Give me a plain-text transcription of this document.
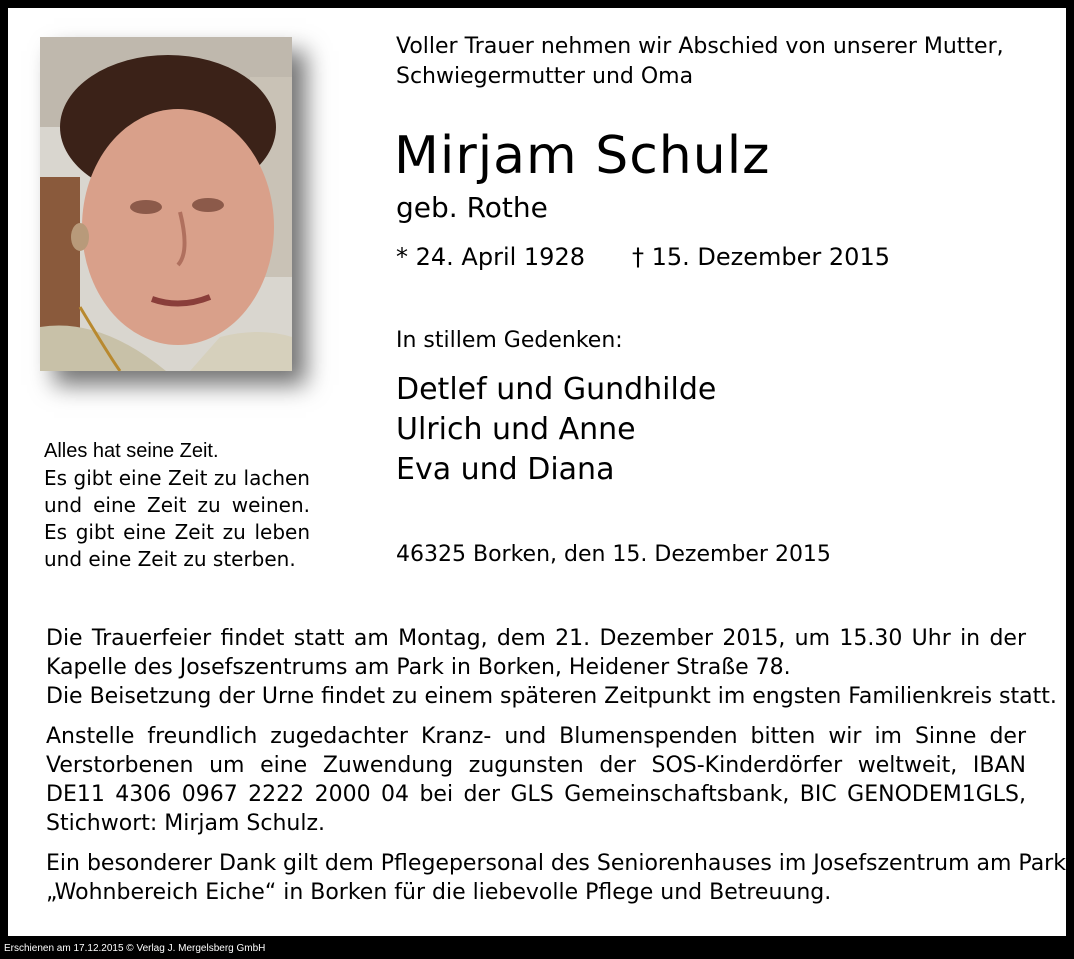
Alles hat seine Zeit.
Es gibt eine Zeit zu lachen
und eine Zeit zu weinen.
Es gibt eine Zeit zu leben
und eine Zeit zu sterben.
Voller Trauer nehmen wir Abschied von unserer Mutter,
Schwiegermutter und Oma
Mirjam Schulz
geb. Rothe
* 24. April 1928 † 15. Dezember 2015
In stillem Gedenken:
Detlef und Gundhilde
Ulrich und Anne
Eva und Diana
46325 Borken, den 15. Dezember 2015

Die Trauerfeier findet statt am Montag, dem 21. Dezember 2015, um 15.30 Uhr in der
Kapelle des Josefszentrums am Park in Borken, Heidener Straße 78.
Die Beisetzung der Urne findet zu einem späteren Zeitpunkt im engsten Familienkreis statt.

Anstelle freundlich zugedachter Kranz- und Blumenspenden bitten wir im Sinne der
Verstorbenen um eine Zuwendung zugunsten der SOS-Kinderdörfer weltweit, IBAN
DE11 4306 0967 2222 2000 04 bei der GLS Gemeinschaftsbank, BIC GENODEM1GLS,
Stichwort: Mirjam Schulz.

Ein besonderer Dank gilt dem Pflegepersonal des Seniorenhauses im Josefszentrum am Park
„Wohnbereich Eiche“ in Borken für die liebevolle Pflege und Betreuung.

Erschienen am 17.12.2015 © Verlag J. Mergelsberg GmbH
